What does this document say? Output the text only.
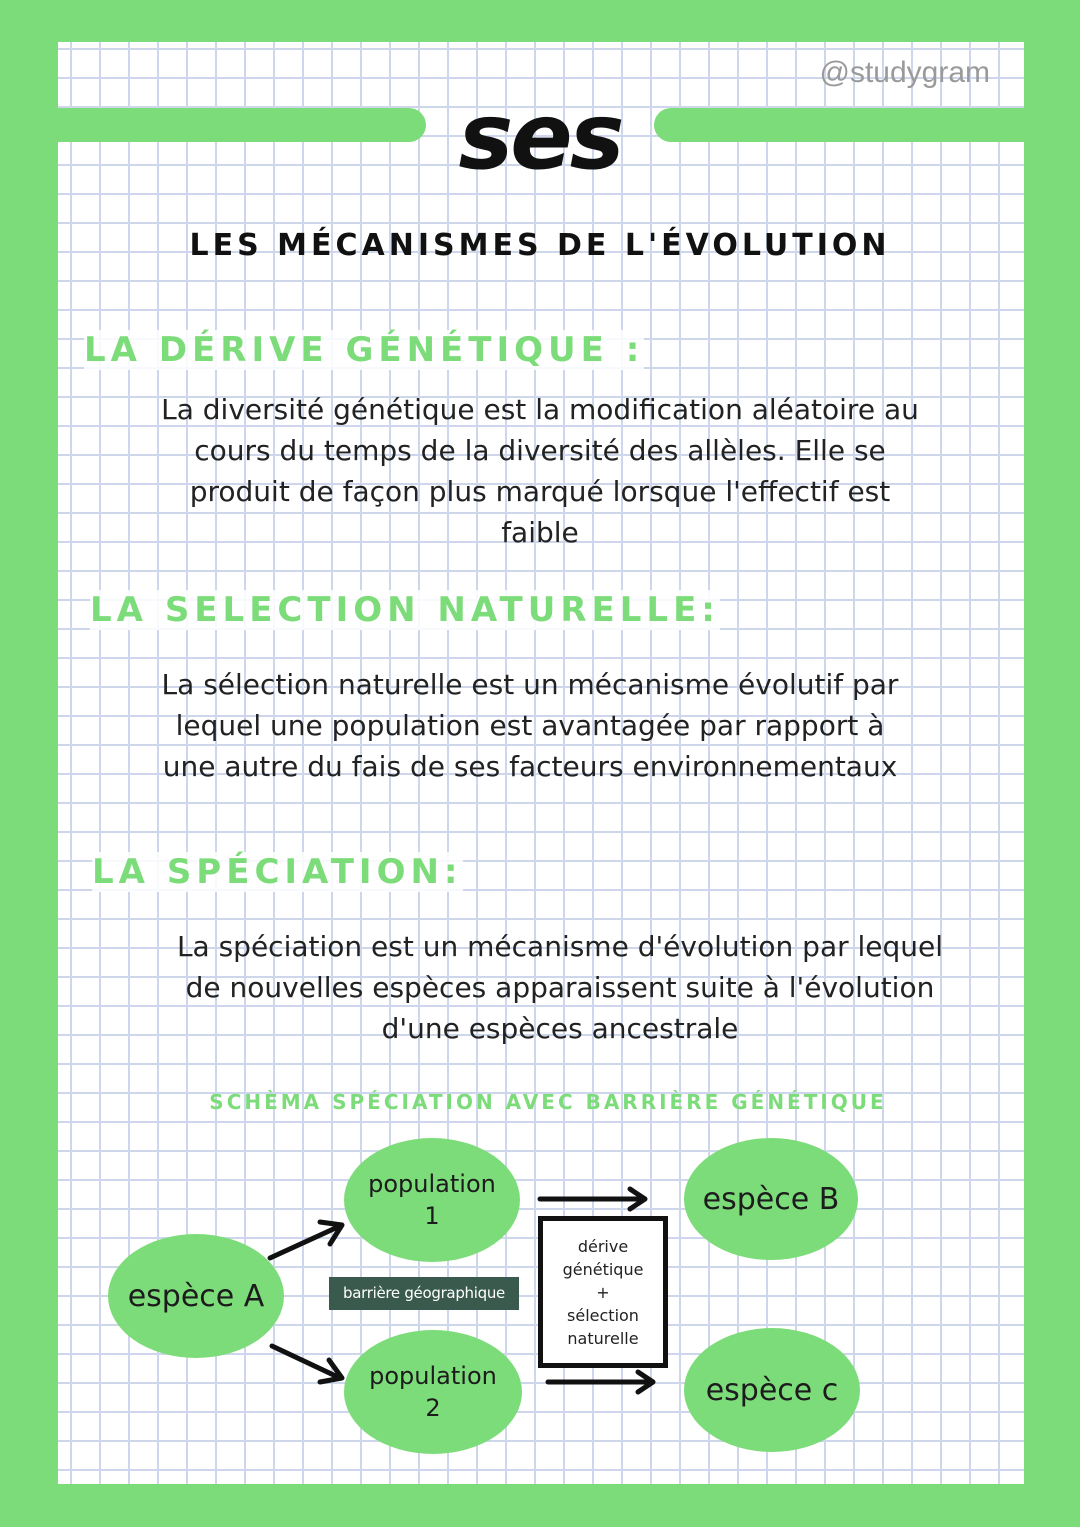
ses
@studygram
LES MÉCANISMES DE L'ÉVOLUTION
LA DÉRIVE GÉNÉTIQUE :
La diversité génétique est la modification aléatoire au
cours du temps de la diversité des allèles. Elle se
produit de façon plus marqué lorsque l'effectif est
faible
LA SELECTION NATURELLE:
La sélection naturelle est un mécanisme évolutif par
lequel une population est avantagée par rapport à
une autre du fais de ses facteurs environnementaux
LA SPÉCIATION:
La spéciation est un mécanisme d'évolution par lequel
de nouvelles espèces apparaissent suite à l'évolution
d'une espèces ancestrale
SCHÈMA SPÉCIATION AVEC BARRIÈRE GÉNÉTIQUE
espèce A
population
1
population
2
espèce B
espèce c
barrière géographique
dérive
génétique
+
sélection
naturelle
